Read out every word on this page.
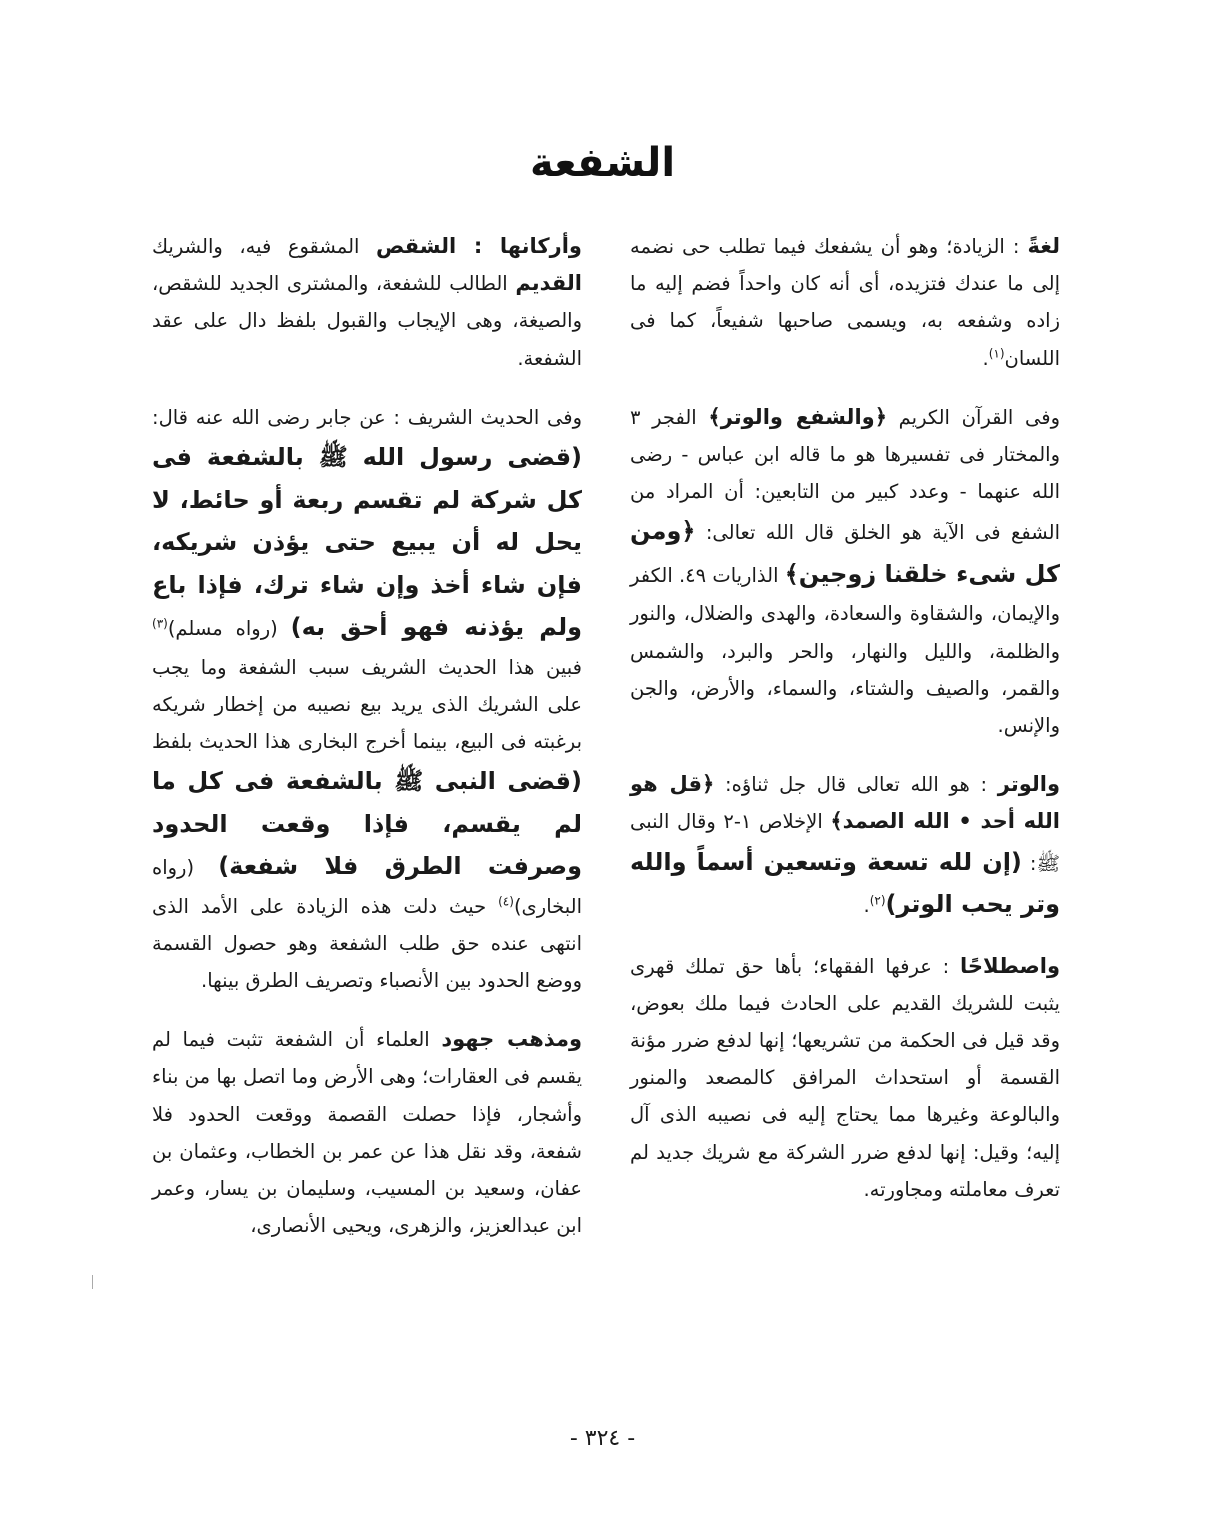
الشفعة

لغةً : الزيادة؛ وهو أن يشفعك فيما تطلب حى نضمه إلى ما عندك فتزيده، أى أنه كان واحداً فضم إليه ما زاده وشفعه به، ويسمى صاحبها شفيعاً، كما فى اللسان$^{(١)}$.

وفى القرآن الكريم ﴿والشفع والوتر﴾ الفجر ٣ والمختار فى تفسيرها هو ما قاله ابن عباس - رضى الله عنهما - وعدد كبير من التابعين: أن المراد من الشفع فى الآية هو الخلق قال الله تعالى: ﴿ومن كل شىء خلقنا زوجين﴾ الذاريات ٤٩. الكفر والإيمان، والشقاوة والسعادة، والهدى والضلال، والنور والظلمة، والليل والنهار، والحر والبرد، والشمس والقمر، والصيف والشتاء، والسماء، والأرض، والجن والإنس.

والوتر : هو الله تعالى قال جل ثناؤه: ﴿قل هو الله أحد • الله الصمد﴾ الإخلاص ١-٢ وقال النبى ﷺ: (إن لله تسعة وتسعين أسماً والله وتر يحب الوتر)$^{(٢)}$.

واصطلاحًا : عرفها الفقهاء؛ بأها حق تملك قهرى يثبت للشريك القديم على الحادث فيما ملك بعوض، وقد قيل فى الحكمة من تشريعها؛ إنها لدفع ضرر مؤنة القسمة أو استحداث المرافق كالمصعد والمنور والبالوعة وغيرها مما يحتاج إليه فى نصيبه الذى آل إليه؛ وقيل: إنها لدفع ضرر الشركة مع شريك جديد لم تعرف معاملته ومجاورته.

وأركانها : الشقص المشقوع فيه، والشريك القديم الطالب للشفعة، والمشترى الجديد للشقص، والصيغة، وهى الإيجاب والقبول بلفظ دال على عقد الشفعة.

وفى الحديث الشريف : عن جابر رضى الله عنه قال: (قضى رسول الله ﷺ بالشفعة فى كل شركة لم تقسم ربعة أو حائط، لا يحل له أن يبيع حتى يؤذن شريكه، فإن شاء أخذ وإن شاء ترك، فإذا باع ولم يؤذنه فهو أحق به) (رواه مسلم)$^{(٣)}$ فبين هذا الحديث الشريف سبب الشفعة وما يجب على الشريك الذى يريد بيع نصيبه من إخطار شريكه برغبته فى البيع، بينما أخرج البخارى هذا الحديث بلفظ (قضى النبى ﷺ بالشفعة فى كل ما لم يقسم، فإذا وقعت الحدود وصرفت الطرق فلا شفعة) (رواه البخارى)$^{(٤)}$ حيث دلت هذه الزيادة على الأمد الذى انتهى عنده حق طلب الشفعة وهو حصول القسمة ووضع الحدود بين الأنصباء وتصريف الطرق بينها.

ومذهب جهود العلماء أن الشفعة تثبت فيما لم يقسم فى العقارات؛ وهى الأرض وما اتصل بها من بناء وأشجار، فإذا حصلت القصمة ووقعت الحدود فلا شفعة، وقد نقل هذا عن عمر بن الخطاب، وعثمان بن عفان، وسعيد بن المسيب، وسليمان بن يسار، وعمر ابن عبدالعزيز، والزهرى، ويحيى الأنصارى،

- ٣٢٤ -
